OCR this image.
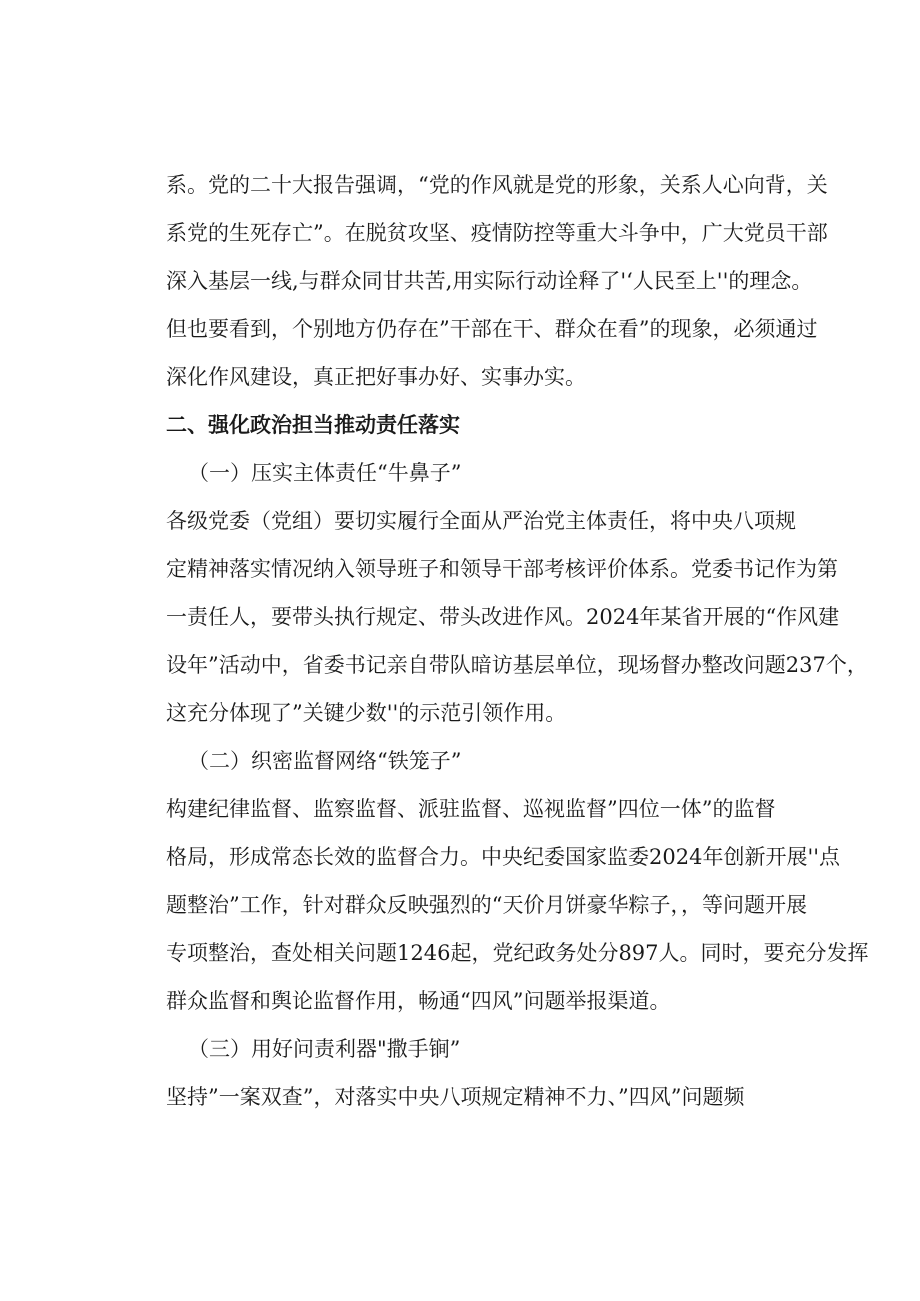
系。党的二十大报告强调，“党的作风就是党的形象，关系人心向背，关

系党的生死存亡”。在脱贫攻坚、疫情防控等重大斗争中，广大党员干部

深入基层一线,与群众同甘共苦,用实际行动诠释了'‘人民至上''的理念。

但也要看到，个别地方仍存在”干部在干、群众在看”的现象，必须通过

深化作风建设，真正把好事办好、实事办实。

二、强化政治担当推动责任落实

（一）压实主体责任“牛鼻子”

各级党委（党组）要切实履行全面从严治党主体责任，将中央八项规

定精神落实情况纳入领导班子和领导干部考核评价体系。党委书记作为第

一责任人，要带头执行规定、带头改进作风。2024年某省开展的“作风建

设年”活动中，省委书记亲自带队暗访基层单位，现场督办整改问题237个，

这充分体现了”关键少数''的示范引领作用。

（二）织密监督网络“铁笼子”

构建纪律监督、监察监督、派驻监督、巡视监督”四位一体”的监督

格局，形成常态长效的监督合力。中央纪委国家监委2024年创新开展''点

题整治”工作，针对群众反映强烈的“天价月饼豪华粽子，，等问题开展

专项整治，查处相关问题1246起，党纪政务处分897人。同时，要充分发挥

群众监督和舆论监督作用，畅通“四风”问题举报渠道。

（三）用好问责利器"撒手锏”

坚持”一案双查”，对落实中央八项规定精神不力、”四风”问题频
